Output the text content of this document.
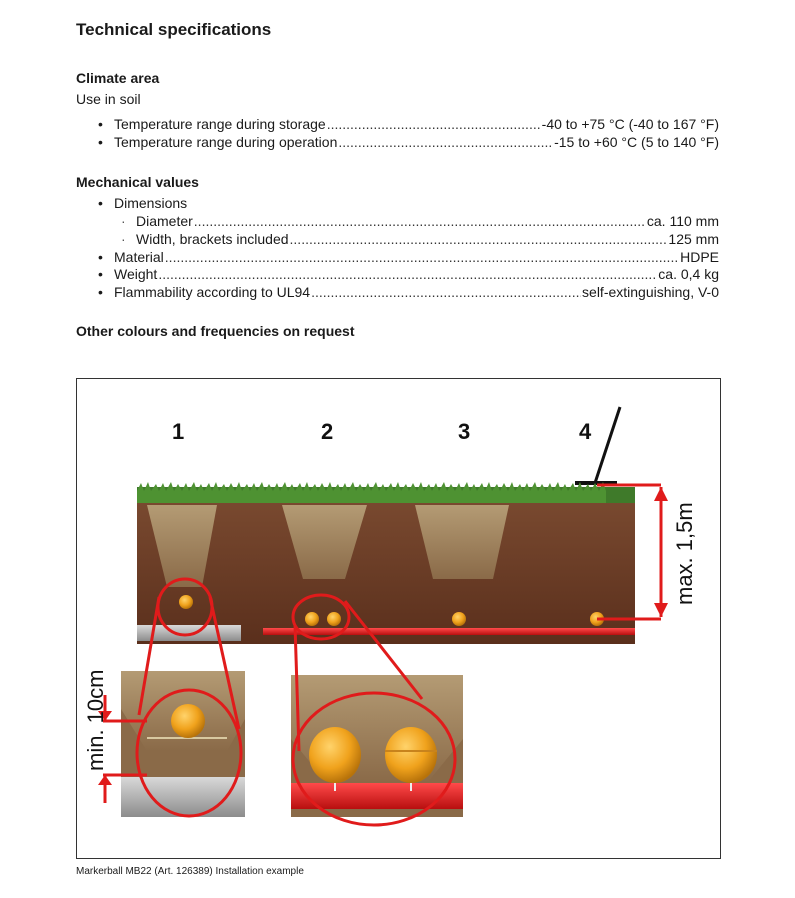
Technical specifications
Climate area
Use in soil
• Temperature range during storage .....	-40 to +75 °C (-40 to 167 °F)
• Temperature range during operation .....	-15 to +60 °C (5 to 140 °F)
Mechanical values
• Dimensions
· Diameter .....	ca. 110 mm
· Width, brackets included .....	125 mm
• Material .....	HDPE
• Weight .....	ca. 0,4 kg
• Flammability according to UL94 .....	self-extinguishing, V-0
Other colours and frequencies on request
1	2	3	4
max. 1,5m
min. 10cm
Markerball MB22 (Art. 126389) Installation example
